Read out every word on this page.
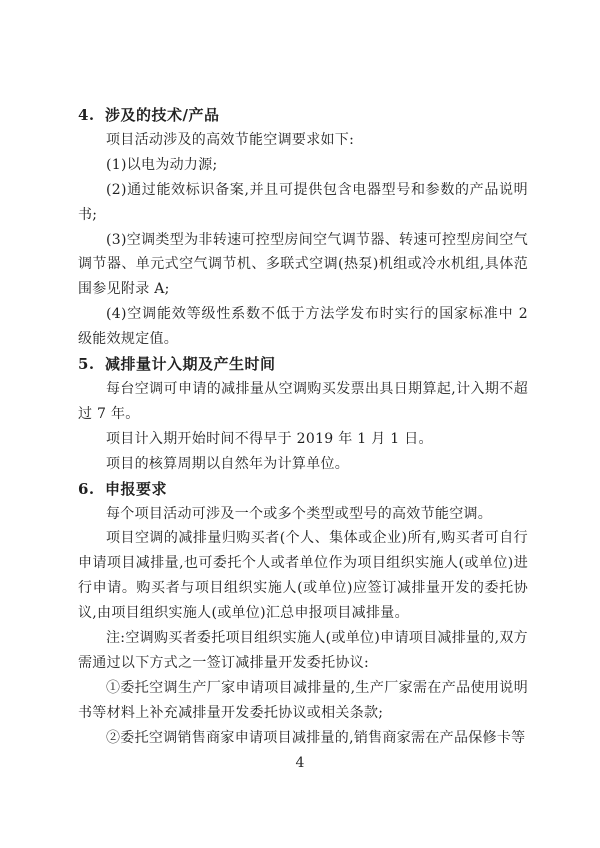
4. 涉及的技术/产品

项目活动涉及的高效节能空调要求如下:

(1)以电为动力源;

(2)通过能效标识备案,并且可提供包含电器型号和参数的产品说明书;

(3)空调类型为非转速可控型房间空气调节器、转速可控型房间空气调节器、单元式空气调节机、多联式空调(热泵)机组或冷水机组,具体范围参见附录 A;

(4)空调能效等级性系数不低于方法学发布时实行的国家标准中 2 级能效规定值。

5. 减排量计入期及产生时间

每台空调可申请的减排量从空调购买发票出具日期算起,计入期不超过 7 年。

项目计入期开始时间不得早于 2019 年 1 月 1 日。

项目的核算周期以自然年为计算单位。

6. 申报要求

每个项目活动可涉及一个或多个类型或型号的高效节能空调。

项目空调的减排量归购买者(个人、集体或企业)所有,购买者可自行申请项目减排量,也可委托个人或者单位作为项目组织实施人(或单位)进行申请。购买者与项目组织实施人(或单位)应签订减排量开发的委托协议,由项目组织实施人(或单位)汇总申报项目减排量。

注:空调购买者委托项目组织实施人(或单位)申请项目减排量的,双方需通过以下方式之一签订减排量开发委托协议:

①委托空调生产厂家申请项目减排量的,生产厂家需在产品使用说明书等材料上补充减排量开发委托协议或相关条款;

②委托空调销售商家申请项目减排量的,销售商家需在产品保修卡等

4
